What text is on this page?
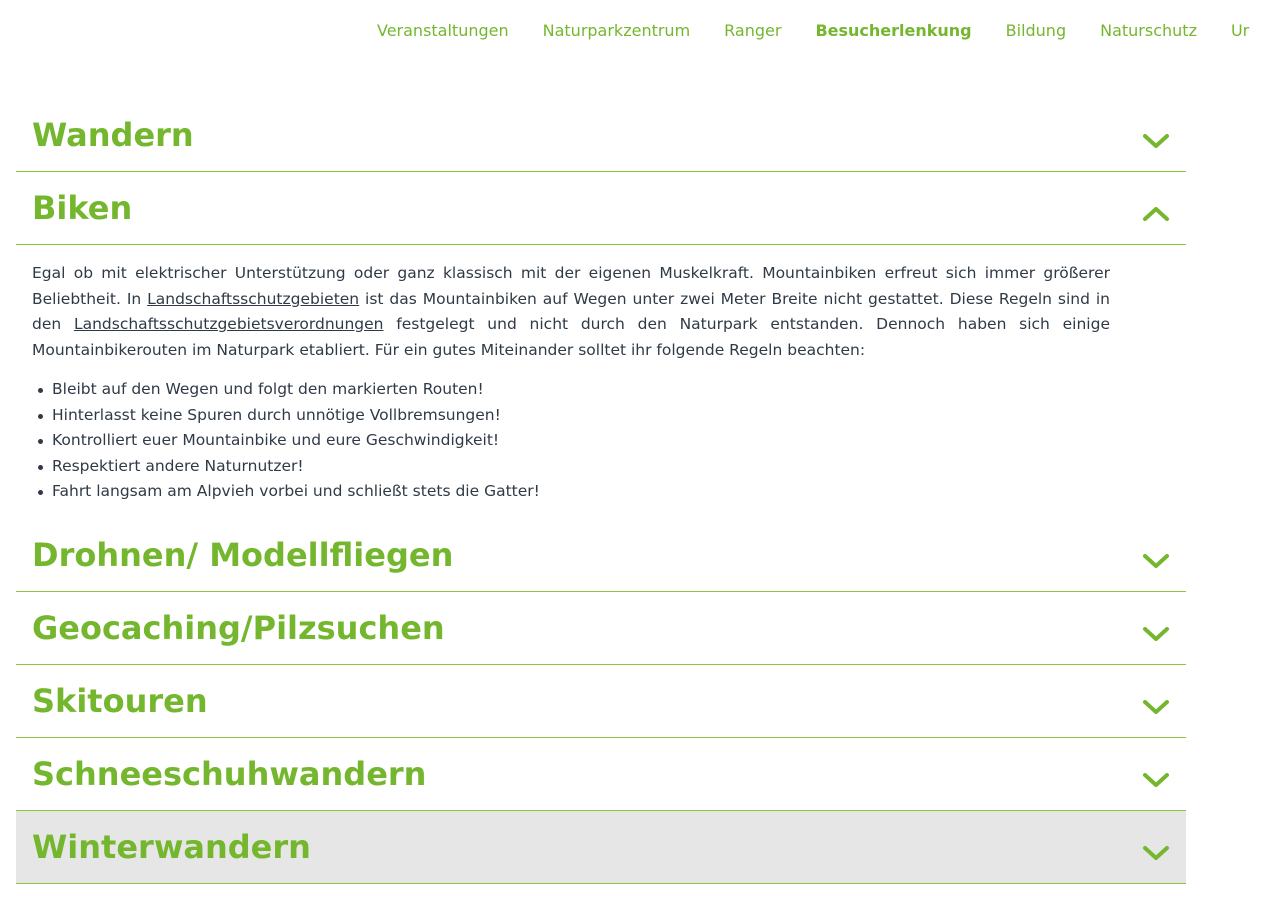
Veranstaltungen Naturparkzentrum Ranger Besucherlenkung Bildung Naturschutz Ur
Wandern
Biken

Egal ob mit elektrischer Unterstützung oder ganz klassisch mit der eigenen Muskelkraft. Mountainbiken erfreut sich immer größerer Beliebtheit. In Landschaftsschutzgebieten ist das Mountainbiken auf Wegen unter zwei Meter Breite nicht gestattet. Diese Regeln sind in den Landschaftsschutzgebietsverordnungen festgelegt und nicht durch den Naturpark entstanden. Dennoch haben sich einige Mountainbikerouten im Naturpark etabliert. Für ein gutes Miteinander solltet ihr folgende Regeln beachten:

Bleibt auf den Wegen und folgt den markierten Routen!
Hinterlasst keine Spuren durch unnötige Vollbremsungen!
Kontrolliert euer Mountainbike und eure Geschwindigkeit!
Respektiert andere Naturnutzer!
Fahrt langsam am Alpvieh vorbei und schließt stets die Gatter!
Drohnen/ Modellfliegen
Geocaching/Pilzsuchen
Skitouren
Schneeschuhwandern
Winterwandern
